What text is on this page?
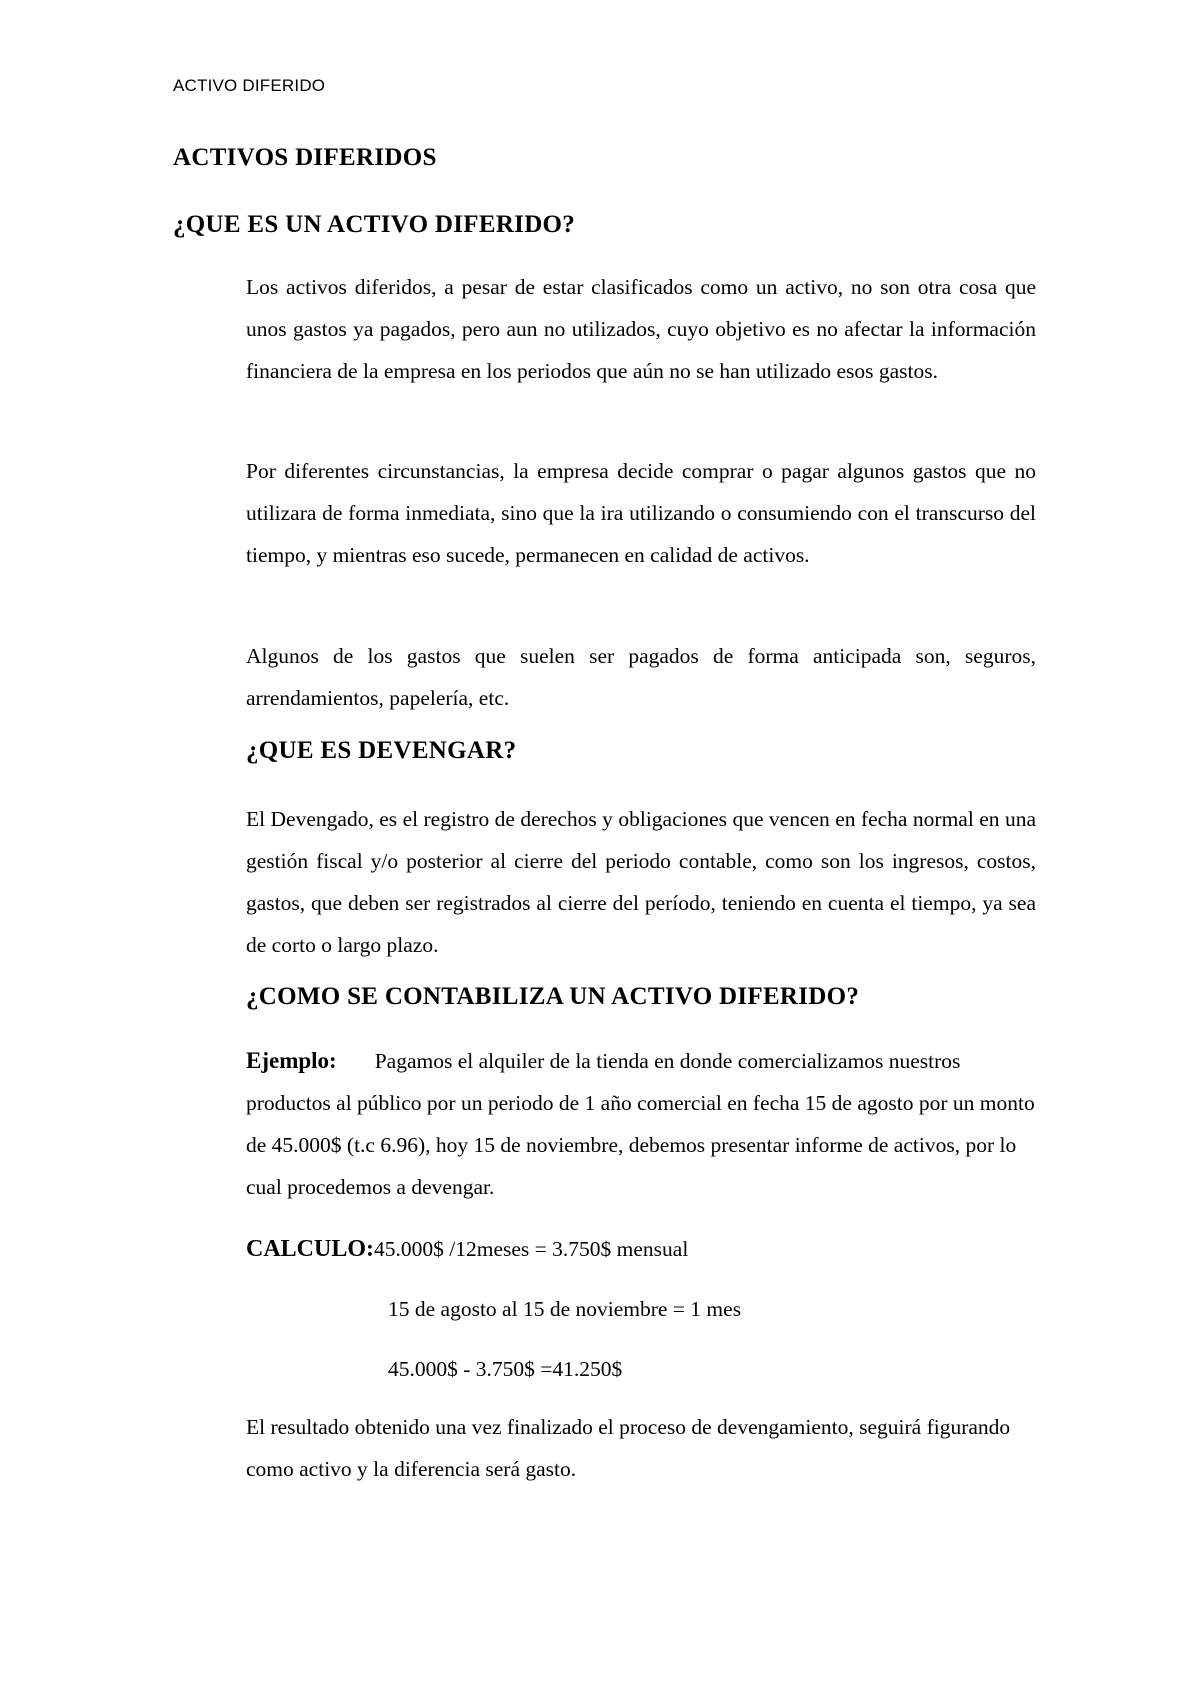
ACTIVO DIFERIDO
ACTIVOS DIFERIDOS
¿QUE ES UN ACTIVO DIFERIDO?

Los activos diferidos, a pesar de estar clasificados como un activo, no son otra cosa que unos gastos ya pagados, pero aun no utilizados, cuyo objetivo es no afectar la información financiera de la empresa en los periodos que aún no se han utilizado esos gastos.

Por diferentes circunstancias, la empresa decide comprar o pagar algunos gastos que no utilizara de forma inmediata, sino que la ira utilizando o consumiendo con el transcurso del tiempo, y mientras eso sucede, permanecen en calidad de activos.

Algunos de los gastos que suelen ser pagados de forma anticipada son, seguros, arrendamientos, papelería, etc.

¿QUE ES DEVENGAR?

El Devengado, es el registro de derechos y obligaciones que vencen en fecha normal en una gestión fiscal y/o posterior al cierre del periodo contable, como son los ingresos, costos, gastos, que deben ser registrados al cierre del período, teniendo en cuenta el tiempo, ya sea de corto o largo plazo.

¿COMO SE CONTABILIZA UN ACTIVO DIFERIDO?

Ejemplo: Pagamos el alquiler de la tienda en donde comercializamos nuestros productos al público por un periodo de 1 año comercial en fecha 15 de agosto por un monto de 45.000$ (t.c 6.96), hoy 15 de noviembre, debemos presentar informe de activos, por lo cual procedemos a devengar.

CALCULO:45.000$ /12meses = 3.750$ mensual

15 de agosto al 15 de noviembre = 1 mes

45.000$ - 3.750$ =41.250$

El resultado obtenido una vez finalizado el proceso de devengamiento, seguirá figurando como activo y la diferencia será gasto.
